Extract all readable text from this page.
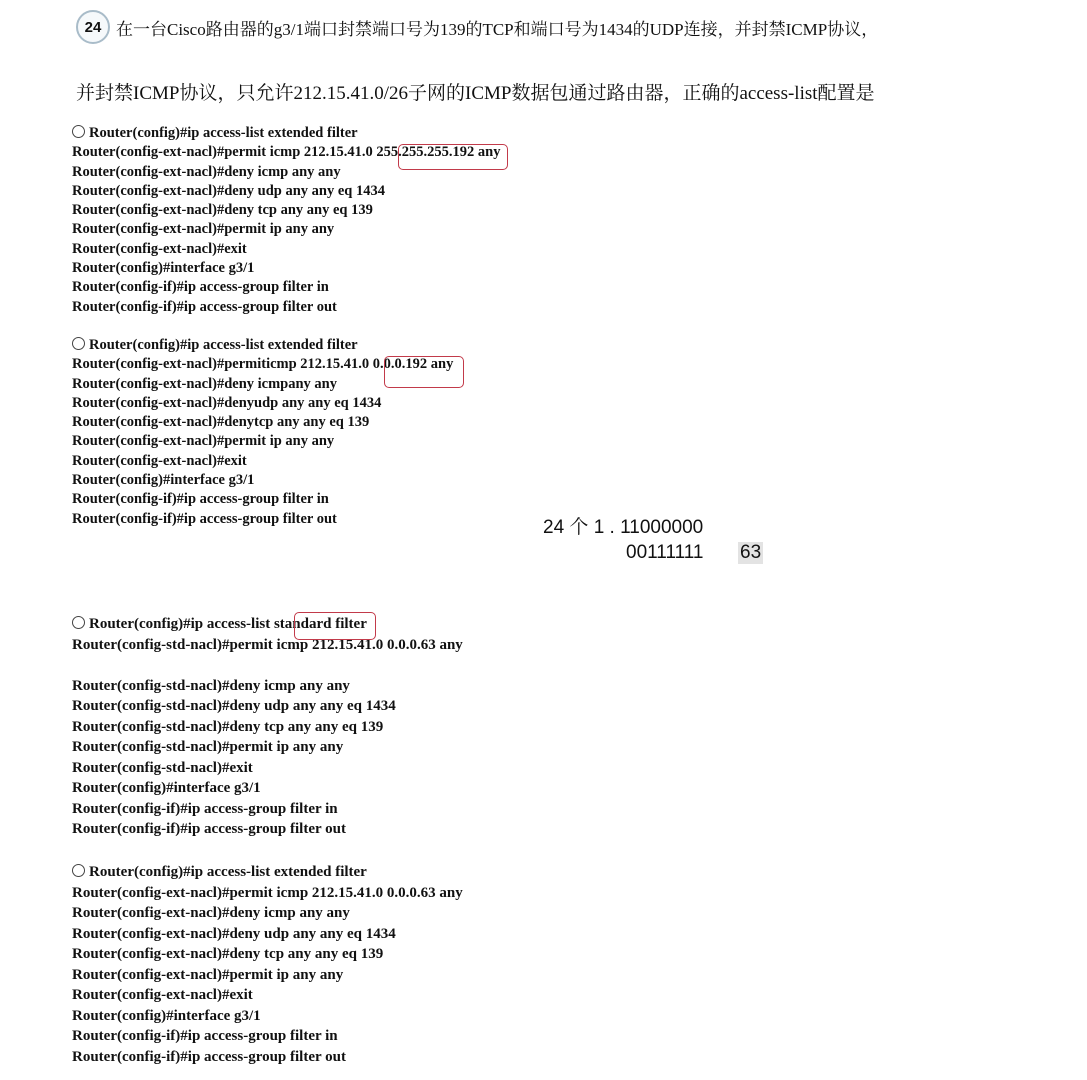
24 在一台Cisco路由器的g3/1端口封禁端口号为139的TCP和端口号为1434的UDP连接，并封禁ICMP协议，
并封禁ICMP协议，只允许212.15.41.0/26子网的ICMP数据包通过路由器，正确的access-list配置是
Router(config)#ip access-list extended filter
Router(config-ext-nacl)#permit icmp 212.15.41.0 255.255.255.192 any
Router(config-ext-nacl)#deny icmp any any
Router(config-ext-nacl)#deny udp any any eq 1434
Router(config-ext-nacl)#deny tcp any any eq 139
Router(config-ext-nacl)#permit ip any any
Router(config-ext-nacl)#exit
Router(config)#interface g3/1
Router(config-if)#ip access-group filter in
Router(config-if)#ip access-group filter out
Router(config)#ip access-list extended filter
Router(config-ext-nacl)#permiticmp 212.15.41.0 0.0.0.192 any
Router(config-ext-nacl)#deny icmpany any
Router(config-ext-nacl)#denyudp any any eq 1434
Router(config-ext-nacl)#denytcp any any eq 139
Router(config-ext-nacl)#permit ip any any
Router(config-ext-nacl)#exit
Router(config)#interface g3/1
Router(config-if)#ip access-group filter in
Router(config-if)#ip access-group filter out
Router(config)#ip access-list standard filter
Router(config-std-nacl)#permit icmp 212.15.41.0 0.0.0.63 any
Router(config-std-nacl)#deny icmp any any
Router(config-std-nacl)#deny udp any any eq 1434
Router(config-std-nacl)#deny tcp any any eq 139
Router(config-std-nacl)#permit ip any any
Router(config-std-nacl)#exit
Router(config)#interface g3/1
Router(config-if)#ip access-group filter in
Router(config-if)#ip access-group filter out
Router(config)#ip access-list extended filter
Router(config-ext-nacl)#permit icmp 212.15.41.0 0.0.0.63 any
Router(config-ext-nacl)#deny icmp any any
Router(config-ext-nacl)#deny udp any any eq 1434
Router(config-ext-nacl)#deny tcp any any eq 139
Router(config-ext-nacl)#permit ip any any
Router(config-ext-nacl)#exit
Router(config)#interface g3/1
Router(config-if)#ip access-group filter in
Router(config-if)#ip access-group filter out
24 个 1 . 11000000
00111111 63
